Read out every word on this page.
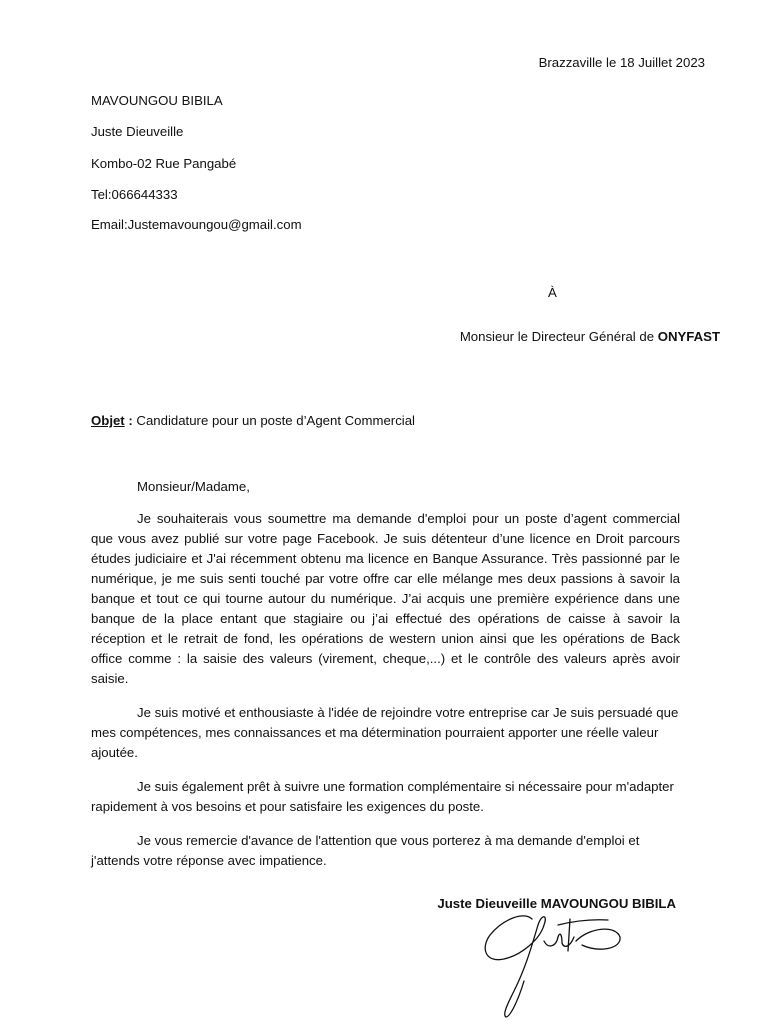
Brazzaville le 18 Juillet 2023
MAVOUNGOU BIBILA
Juste Dieuveille
Kombo-02 Rue Pangabé
Tel:066644333
Email:Justemavoungou@gmail.com
À
Monsieur le Directeur Général de ONYFAST
Objet : Candidature pour un poste d’Agent Commercial
Monsieur/Madame,

Je souhaiterais vous soumettre ma demande d'emploi pour un poste d’agent commercial que vous avez publié sur votre page Facebook. Je suis détenteur d’une licence en Droit parcours études judiciaire et J'ai récemment obtenu ma licence en Banque Assurance. Très passionné par le numérique, je me suis senti touché par votre offre car elle mélange mes deux passions à savoir la banque et tout ce qui tourne autour du numérique. J’ai acquis une première expérience dans une banque de la place entant que stagiaire ou j’ai effectué des opérations de caisse à savoir la réception et le retrait de fond, les opérations de western union ainsi que les opérations de Back office comme : la saisie des valeurs (virement, cheque,...) et le contrôle des valeurs après avoir saisie.

Je suis motivé et enthousiaste à l'idée de rejoindre votre entreprise car Je suis persuadé que mes compétences, mes connaissances et ma détermination pourraient apporter une réelle valeur ajoutée.

Je suis également prêt à suivre une formation complémentaire si nécessaire pour m'adapter rapidement à vos besoins et pour satisfaire les exigences du poste.

Je vous remercie d'avance de l'attention que vous porterez à ma demande d'emploi et j'attends votre réponse avec impatience.

Juste Dieuveille MAVOUNGOU BIBILA
